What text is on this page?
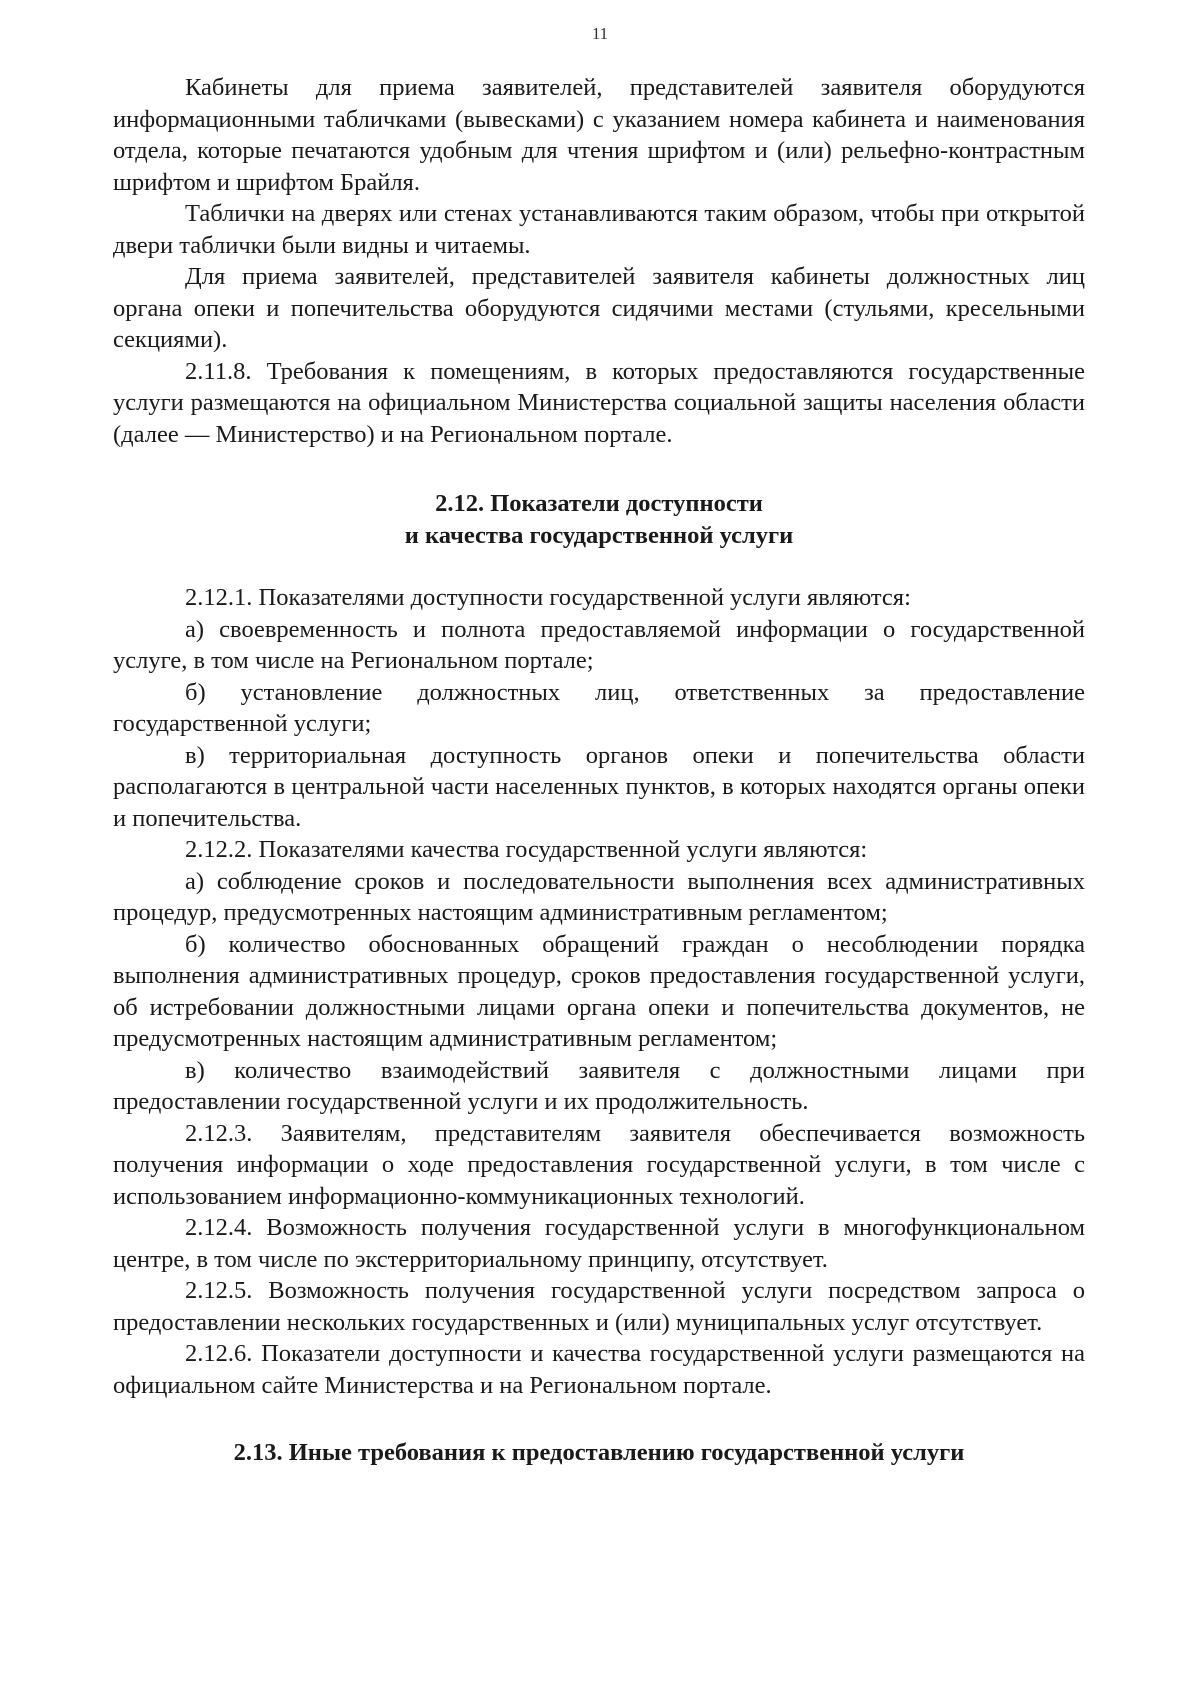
11

Кабинеты для приема заявителей, представителей заявителя оборудуются информационными табличками (вывесками) с указанием номера кабинета и наименования отдела, которые печатаются удобным для чтения шрифтом и (или) рельефно-контрастным шрифтом и шрифтом Брайля.

Таблички на дверях или стенах устанавливаются таким образом, чтобы при открытой двери таблички были видны и читаемы.

Для приема заявителей, представителей заявителя кабинеты должностных лиц органа опеки и попечительства оборудуются сидячими местами (стульями, кресельными секциями).

2.11.8. Требования к помещениям, в которых предоставляются государственные услуги размещаются на официальном Министерства социальной защиты населения области (далее — Министерство) и на Региональном портале.

2.12. Показатели доступности
и качества государственной услуги

2.12.1. Показателями доступности государственной услуги являются:

а) своевременность и полнота предоставляемой информации о государственной услуге, в том числе на Региональном портале;

б) установление должностных лиц, ответственных за предоставление государственной услуги;

в) территориальная доступность органов опеки и попечительства области располагаются в центральной части населенных пунктов, в которых находятся органы опеки и попечительства.

2.12.2. Показателями качества государственной услуги являются:

а) соблюдение сроков и последовательности выполнения всех административных процедур, предусмотренных настоящим административным регламентом;

б) количество обоснованных обращений граждан о несоблюдении порядка выполнения административных процедур, сроков предоставления государственной услуги, об истребовании должностными лицами органа опеки и попечительства документов, не предусмотренных настоящим административным регламентом;

в) количество взаимодействий заявителя с должностными лицами при предоставлении государственной услуги и их продолжительность.

2.12.3. Заявителям, представителям заявителя обеспечивается возможность получения информации о ходе предоставления государственной услуги, в том числе с использованием информационно-коммуникационных технологий.

2.12.4. Возможность получения государственной услуги в многофункциональном центре, в том числе по экстерриториальному принципу, отсутствует.

2.12.5. Возможность получения государственной услуги посредством запроса о предоставлении нескольких государственных и (или) муниципальных услуг отсутствует.

2.12.6. Показатели доступности и качества государственной услуги размещаются на официальном сайте Министерства и на Региональном портале.

2.13. Иные требования к предоставлению государственной услуги
